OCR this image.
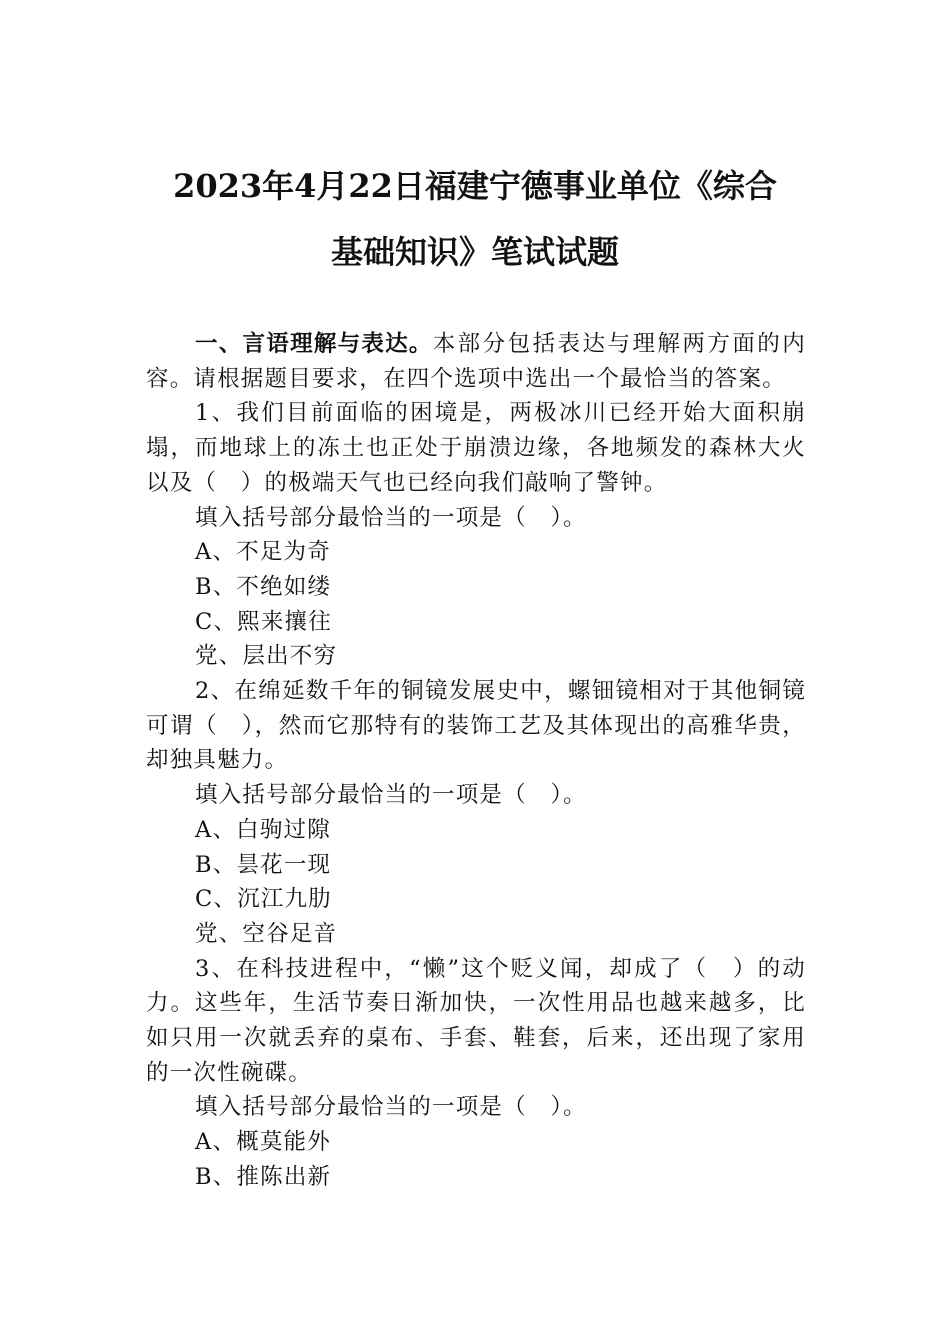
2023年4月22日福建宁德事业单位《综合
基础知识》笔试试题

一、言语理解与表达。本部分包括表达与理解两方面的内容。请根据题目要求，在四个选项中选出一个最恰当的答案。

1、我们目前面临的困境是，两极冰川已经开始大面积崩塌，而地球上的冻土也正处于崩溃边缘，各地频发的森林大火以及（　）的极端天气也已经向我们敲响了警钟。

填入括号部分最恰当的一项是（　）。

A、不足为奇

B、不绝如缕

C、熙来攘往

党、层出不穷

2、在绵延数千年的铜镜发展史中，螺钿镜相对于其他铜镜可谓（　），然而它那特有的装饰工艺及其体现出的高雅华贵，却独具魅力。

填入括号部分最恰当的一项是（　）。

A、白驹过隙

B、昙花一现

C、沉江九肋

党、空谷足音

3、在科技进程中，“懒”这个贬义闻，却成了（　）的动力。这些年，生活节奏日渐加快，一次性用品也越来越多，比如只用一次就丢弃的桌布、手套、鞋套，后来，还出现了家用的一次性碗碟。

填入括号部分最恰当的一项是（　）。

A、概莫能外

B、推陈出新
